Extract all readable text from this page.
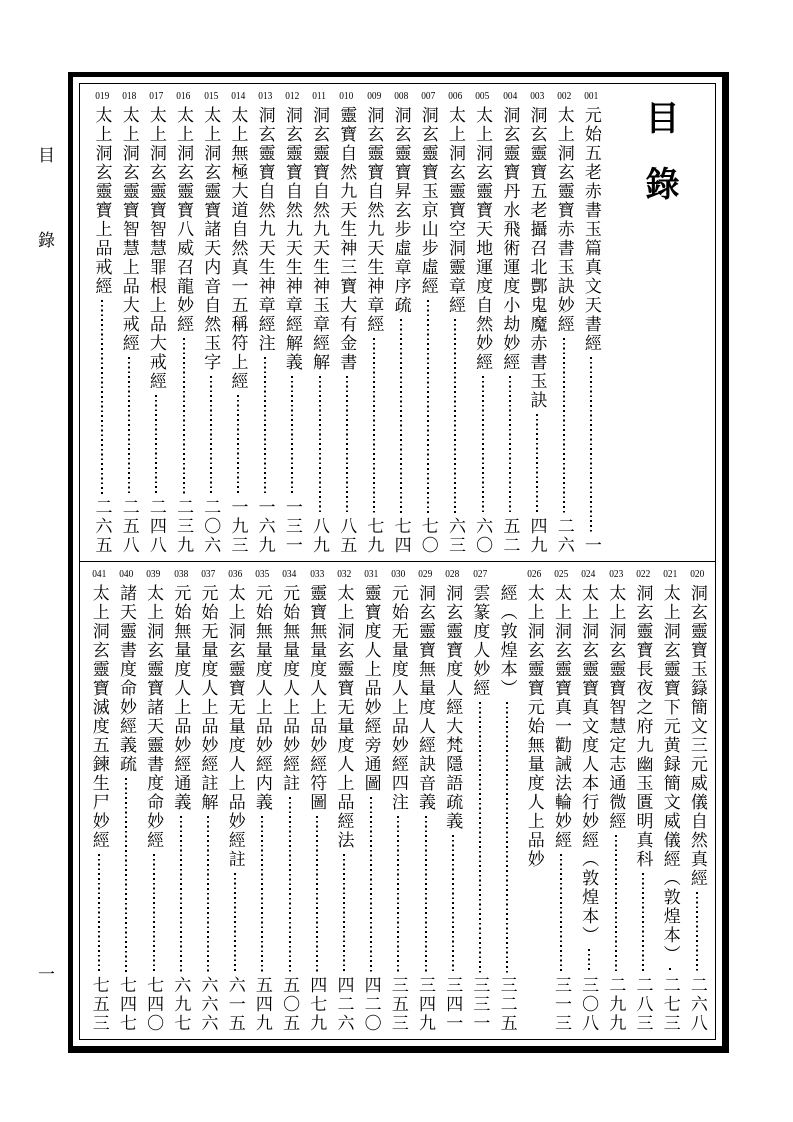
目錄
一
目錄
001
元始五老赤書玉篇真文天書經
一
002
太上洞玄靈寶赤書玉訣妙經
二六
003
洞玄靈寶五老攝召北酆鬼魔赤書玉訣
四九
004
洞玄靈寶丹水飛術運度小劫妙經
五二
005
太上洞玄靈寶天地運度自然妙經
六〇
006
太上洞玄靈寶空洞靈章經
六三
007
洞玄靈寶玉京山步虛經
七〇
008
洞玄靈寶昇玄步虛章序疏
七四
009
洞玄靈寶自然九天生神章經
七九
010
靈寶自然九天生神三寶大有金書
八五
011
洞玄靈寶自然九天生神玉章經解
八九
012
洞玄靈寶自然九天生神章經解義
一三一
013
洞玄靈寶自然九天生神章經注
一六九
014
太上無極大道自然真一五稱符上經
一九三
015
太上洞玄靈寶諸天内音自然玉字
二〇六
016
太上洞玄靈寶八威召龍妙經
二三九
017
太上洞玄靈寶智慧罪根上品大戒經
二四八
018
太上洞玄靈寶智慧上品大戒經
二五八
019
太上洞玄靈寶上品戒經
二六五
020
洞玄靈寶玉籙簡文三元威儀自然真經
二六八
021
太上洞玄靈寶下元黄録簡文威儀經（敦煌本）
二七三
022
洞玄靈寶長夜之府九幽玉匱明真科
二八三
023
太上洞玄靈寶智慧定志通微經
二九九
024
太上洞玄靈寶真文度人本行妙經（敦煌本）
三〇八
025
太上洞玄靈寶真一勸誡法輪妙經
三一三
026
太上洞玄靈寶元始無量度人上品妙
經（敦煌本）
三二五
027
雲篆度人妙經
三三一
028
洞玄靈寶度人經大梵隱語疏義
三四一
029
洞玄靈寶無量度人經訣音義
三四九
030
元始无量度人上品妙經四注
三五三
031
靈寶度人上品妙經旁通圖
四二〇
032
太上洞玄靈寶无量度人上品經法
四二六
033
靈寶無量度人上品妙經符圖
四七九
034
元始無量度人上品妙經註
五〇五
035
元始無量度人上品妙經内義
五四九
036
太上洞玄靈寶无量度人上品妙經註
六一五
037
元始无量度人上品妙經註解
六六六
038
元始無量度人上品妙經通義
六九七
039
太上洞玄靈寶諸天靈書度命妙經
七四〇
040
諸天靈書度命妙經義疏
七四七
041
太上洞玄靈寶滅度五鍊生尸妙經
七五三
